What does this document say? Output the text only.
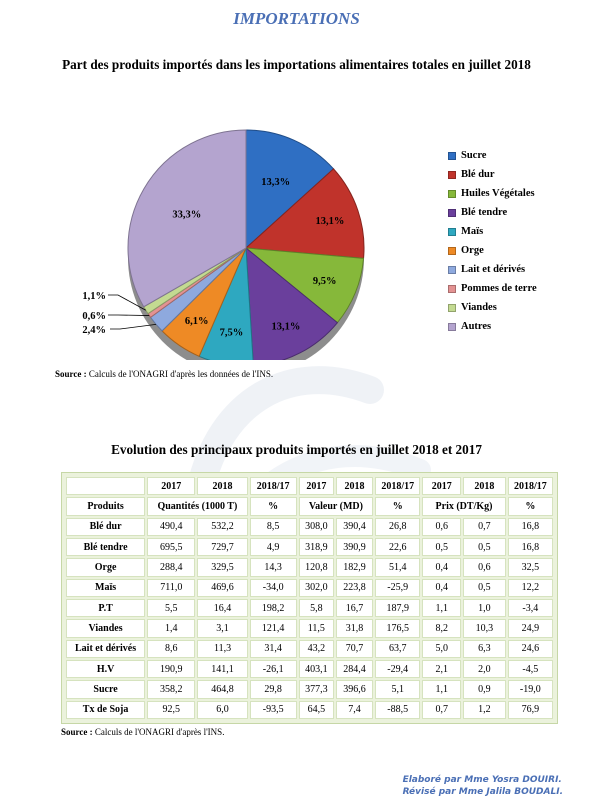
IMPORTATIONS
Part des produits importés dans les importations alimentaires totales en juillet 2018
13,3%
13,1%
9,5%
13,1%
7,5%
6,1%
2,4%
0,6%
1,1%
33,3%
Sucre
Blé dur
Huiles Végétales
Blé tendre
Maïs
Orge
Lait et dérivés
Pommes de terre
Viandes
Autres
Source : Calculs de l'ONAGRI d'après les données de l'INS.
Evolution des principaux produits importés en juillet 2018 et 2017
	2017	2018	2018/17	2017	2018	2018/17	2017	2018	2018/17
Produits	Quantités (1000 T)		%	Valeur (MD)		%	Prix (DT/Kg)		%
Blé dur	490,4	532,2	8,5	308,0	390,4	26,8	0,6	0,7	16,8
Blé tendre	695,5	729,7	4,9	318,9	390,9	22,6	0,5	0,5	16,8
Orge	288,4	329,5	14,3	120,8	182,9	51,4	0,4	0,6	32,5
Maïs	711,0	469,6	-34,0	302,0	223,8	-25,9	0,4	0,5	12,2
P.T	5,5	16,4	198,2	5,8	16,7	187,9	1,1	1,0	-3,4
Viandes	1,4	3,1	121,4	11,5	31,8	176,5	8,2	10,3	24,9
Lait et dérivés	8,6	11,3	31,4	43,2	70,7	63,7	5,0	6,3	24,6
H.V	190,9	141,1	-26,1	403,1	284,4	-29,4	2,1	2,0	-4,5
Sucre	358,2	464,8	29,8	377,3	396,6	5,1	1,1	0,9	-19,0
Tx de Soja	92,5	6,0	-93,5	64,5	7,4	-88,5	0,7	1,2	76,9
Source : Calculs de l'ONAGRI d'après l'INS.
Elaboré par Mme Yosra DOUIRI.
Révisé par Mme Jalila BOUDALI.
